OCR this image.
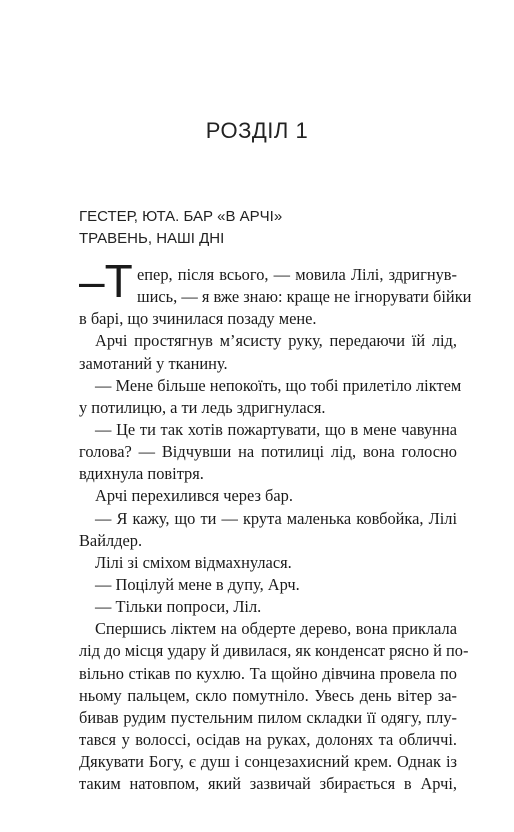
РОЗДІЛ 1
ГЕСТЕР, ЮТА. БАР «В АРЧІ»
ТРАВЕНЬ, НАШІ ДНІ
–Т епер, після всього, — мовила Лілі, здригнув-
шись, — я вже знаю: краще не ігнорувати бійки
в барі, що зчинилася позаду мене.
Арчі простягнув м’ясисту руку, передаючи їй лід,
замотаний у тканину.
— Мене більше непокоїть, що тобі прилетіло ліктем
у потилицю, а ти ледь здригнулася.
— Це ти так хотів пожартувати, що в мене чавунна
голова? — Відчувши на потилиці лід, вона голосно
вдихнула повітря.
Арчі перехилився через бар.
— Я кажу, що ти — крута маленька ковбойка, Лілі
Вайлдер.
Лілі зі сміхом відмахнулася.
— Поцілуй мене в дупу, Арч.
— Тільки попроси, Ліл.
Спершись ліктем на обдерте дерево, вона приклала
лід до місця удару й дивилася, як конденсат рясно й по-
вільно стікав по кухлю. Та щойно дівчина провела по
ньому пальцем, скло помутніло. Увесь день вітер за-
бивав рудим пустельним пилом складки її одягу, плу-
тався у волоссі, осідав на руках, долонях та обличчі.
Дякувати Богу, є душ і сонцезахисний крем. Однак із
таким натовпом, який зазвичай збирається в Арчі,
